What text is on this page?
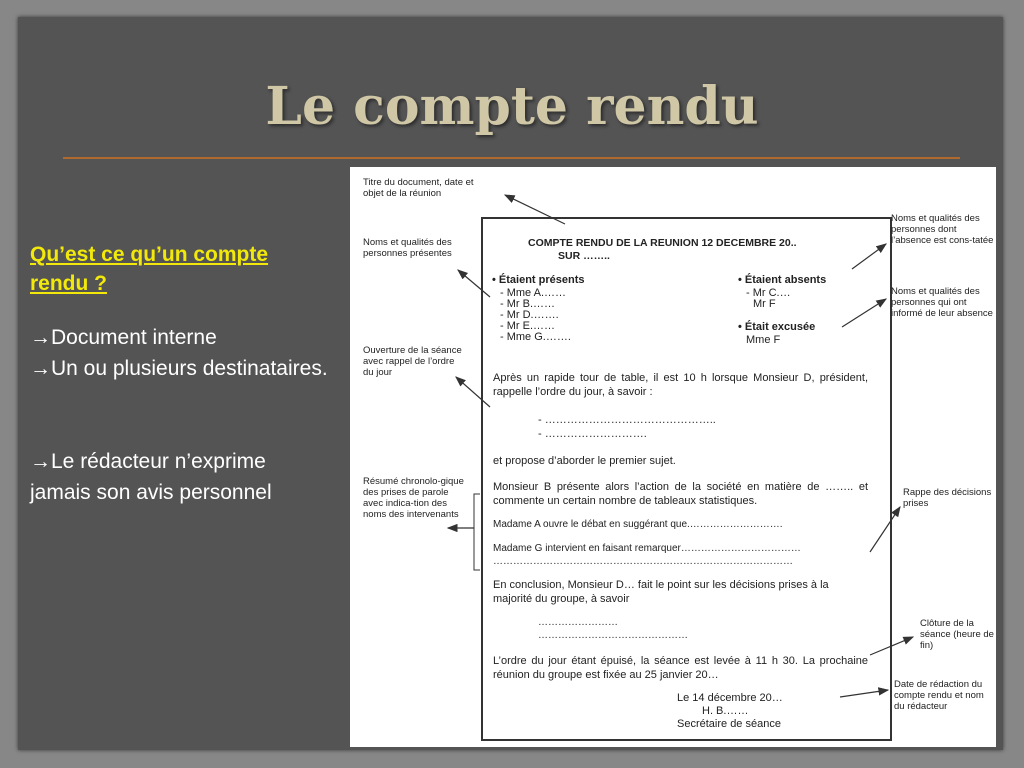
Le compte rendu
Qu’est ce qu’un compte rendu ?
→Document interne
→Un ou plusieurs destinataires.
→Le rédacteur n’exprime jamais son avis personnel
Titre du document, date et objet de la réunion
Noms et qualités des personnes présentes
Ouverture de la séance avec rappel de l’ordre du jour
Résumé chronolo-gique des prises de parole avec indica-tion des noms des intervenants
Noms et qualités des personnes dont l’absence est cons-tatée
Noms et qualités des personnes qui ont informé de leur absence
Rappe des décisions prises
Clôture de la séance (heure de fin)
Date de rédaction du compte rendu et nom du rédacteur
COMPTE RENDU DE LA REUNION 12 DECEMBRE 20..
SUR ……..
• Étaient présents
- Mme A.……
- Mr B.……
- Mr D.…….
- Mr E.……
- Mme G.…….
• Étaient absents
- Mr C.…
Mr F
• Était excusée
Mme F
Après un rapide tour de table, il est 10 h lorsque Monsieur D, président, rappelle l’ordre du jour, à savoir :
- ………………………………………..
- ……………………….
et propose d’aborder le premier sujet.
Monsieur B présente alors l’action de la société en matière de …….. et commente un certain nombre de tableaux statistiques.
Madame A ouvre le débat en suggérant que.……………………….
Madame G intervient en faisant remarquer………………………………
………………………………………………………………………………
En conclusion, Monsieur D… fait le point sur les décisions prises à la majorité du groupe, à savoir
……………………
………………………………………
L’ordre du jour étant épuisé, la séance est levée à 11 h 30. La prochaine réunion du groupe est fixée au 25 janvier 20…
Le 14 décembre 20…
H. B.……
Secrétaire de séance
